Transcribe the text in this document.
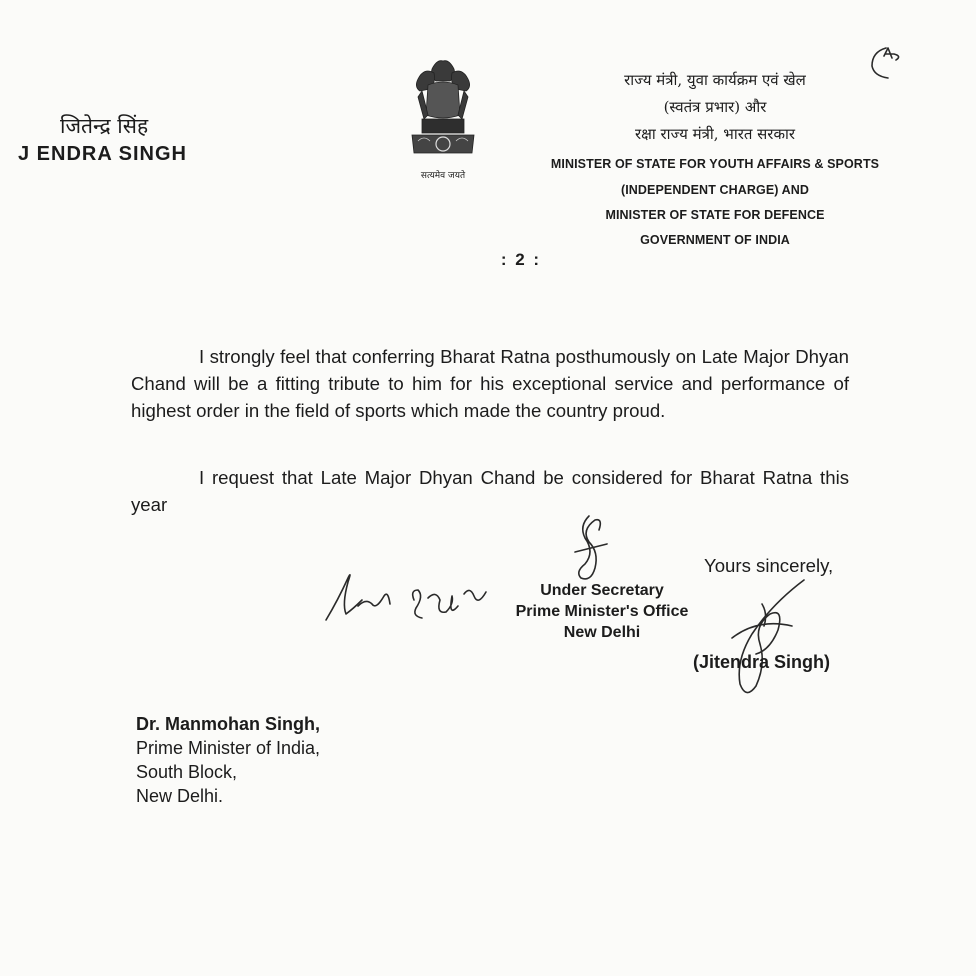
जितेन्द्र सिंह
J ENDRA SINGH
सत्यमेव जयते
राज्य मंत्री, युवा कार्यक्रम एवं खेल
(स्वतंत्र प्रभार) और
रक्षा राज्य मंत्री, भारत सरकार
MINISTER OF STATE FOR YOUTH AFFAIRS & SPORTS
(INDEPENDENT CHARGE) AND
MINISTER OF STATE FOR DEFENCE
GOVERNMENT OF INDIA
: 2 :

I strongly feel that conferring Bharat Ratna posthumously on Late Major Dhyan Chand will be a fitting tribute to him for his exceptional service and performance of highest order in the field of sports which made the country proud.

I request that Late Major Dhyan Chand be considered for Bharat Ratna this year

Under Secretary
Prime Minister's Office
New Delhi
Yours sincerely,
(Jitendra Singh)
Dr. Manmohan Singh,
Prime Minister of India,
South Block,
New Delhi.
